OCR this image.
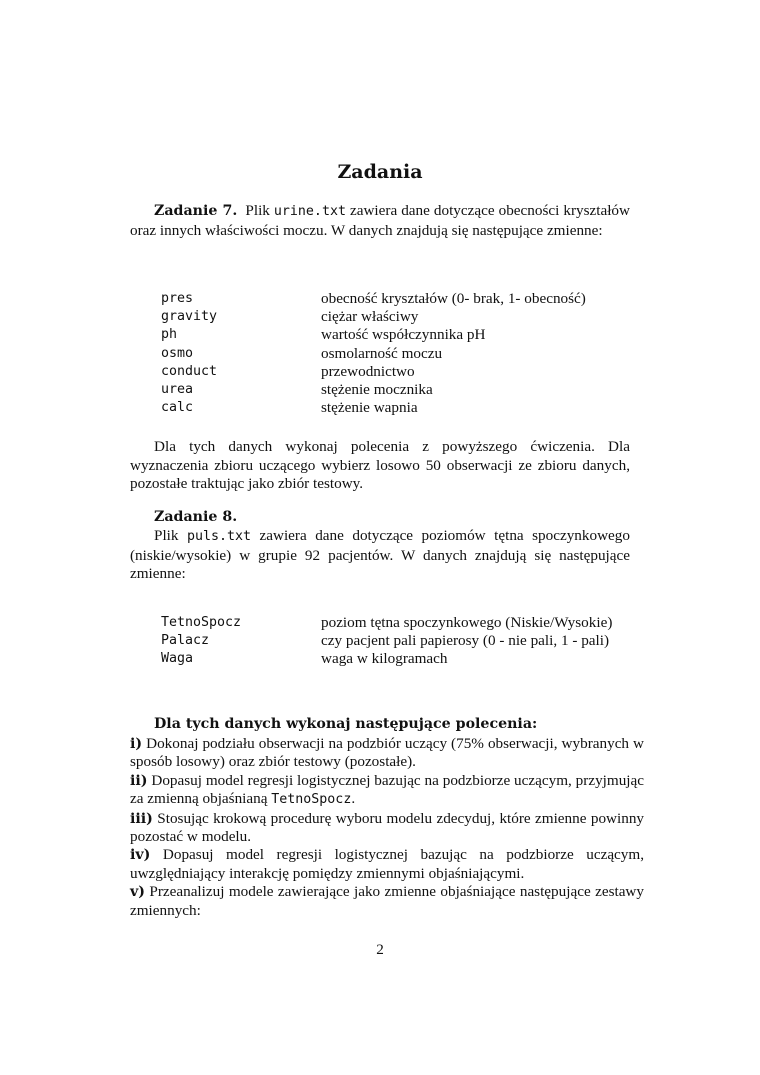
Zadania

Zadanie 7. Plik urine.txt zawiera dane dotyczące obecności kryształów oraz innych właściwości moczu. W danych znajdują się następujące zmienne:

pres	obecność kryształów (0- brak, 1- obecność)
gravity	ciężar właściwy
ph	wartość współczynnika pH
osmo	osmolarność moczu
conduct	przewodnictwo
urea	stężenie mocznika
calc	stężenie wapnia

Dla tych danych wykonaj polecenia z powyższego ćwiczenia. Dla wyznaczenia zbioru uczącego wybierz losowo 50 obserwacji ze zbioru danych, pozostałe traktując jako zbiór testowy.

Zadanie 8.

Plik puls.txt zawiera dane dotyczące poziomów tętna spoczynkowego (niskie/wysokie) w grupie 92 pacjentów. W danych znajdują się następujące zmienne:

TetnoSpocz	poziom tętna spoczynkowego (Niskie/Wysokie)
Palacz	czy pacjent pali papierosy (0 - nie pali, 1 - pali)
Waga	waga w kilogramach
Dla tych danych wykonaj następujące polecenia:
i) Dokonaj podziału obserwacji na podzbiór uczący (75% obserwacji, wybranych w sposób losowy) oraz zbiór testowy (pozostałe).
ii) Dopasuj model regresji logistycznej bazując na podzbiorze uczącym, przyjmując za zmienną objaśnianą TetnoSpocz.
iii) Stosując krokową procedurę wyboru modelu zdecyduj, które zmienne powinny pozostać w modelu.
iv) Dopasuj model regresji logistycznej bazując na podzbiorze uczącym, uwzględniający interakcję pomiędzy zmiennymi objaśniającymi.
v) Przeanalizuj modele zawierające jako zmienne objaśniające następujące zestawy zmiennych:
2
